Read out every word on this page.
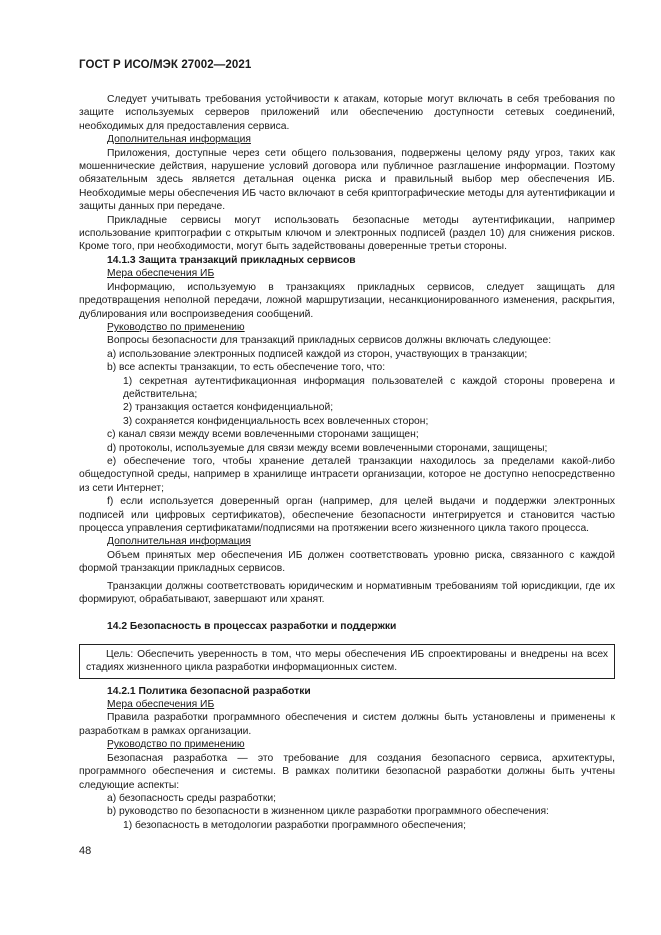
ГОСТ Р ИСО/МЭК 27002—2021

Следует учитывать требования устойчивости к атакам, которые могут включать в себя требования по защите используемых серверов приложений или обеспечению доступности сетевых соединений, необходимых для предоставления сервиса.

Дополнительная информация

Приложения, доступные через сети общего пользования, подвержены целому ряду угроз, таких как мошеннические действия, нарушение условий договора или публичное разглашение информации. Поэтому обязательным здесь является детальная оценка риска и правильный выбор мер обеспечения ИБ. Необходимые меры обеспечения ИБ часто включают в себя криптографические методы для аутентификации и защиты данных при передаче.

Прикладные сервисы могут использовать безопасные методы аутентификации, например использование криптографии с открытым ключом и электронных подписей (раздел 10) для снижения рисков. Кроме того, при необходимости, могут быть задействованы доверенные третьи стороны.

14.1.3 Защита транзакций прикладных сервисов

Мера обеспечения ИБ

Информацию, используемую в транзакциях прикладных сервисов, следует защищать для предотвращения неполной передачи, ложной маршрутизации, несанкционированного изменения, раскрытия, дублирования или воспроизведения сообщений.

Руководство по применению

Вопросы безопасности для транзакций прикладных сервисов должны включать следующее:

a) использование электронных подписей каждой из сторон, участвующих в транзакции;

b) все аспекты транзакции, то есть обеспечение того, что:

1) секретная аутентификационная информация пользователей с каждой стороны проверена и действительна;

2) транзакция остается конфиденциальной;

3) сохраняется конфиденциальность всех вовлеченных сторон;

c) канал связи между всеми вовлеченными сторонами защищен;

d) протоколы, используемые для связи между всеми вовлеченными сторонами, защищены;

e) обеспечение того, чтобы хранение деталей транзакции находилось за пределами какой-либо общедоступной среды, например в хранилище интрасети организации, которое не доступно непосредственно из сети Интернет;

f) если используется доверенный орган (например, для целей выдачи и поддержки электронных подписей или цифровых сертификатов), обеспечение безопасности интегрируется и становится частью процесса управления сертификатами/подписями на протяжении всего жизненного цикла такого процесса.

Дополнительная информация

Объем принятых мер обеспечения ИБ должен соответствовать уровню риска, связанного с каждой формой транзакции прикладных сервисов.

Транзакции должны соответствовать юридическим и нормативным требованиям той юрисдикции, где их формируют, обрабатывают, завершают или хранят.

14.2 Безопасность в процессах разработки и поддержки

Цель: Обеспечить уверенность в том, что меры обеспечения ИБ спроектированы и внедрены на всех стадиях жизненного цикла разработки информационных систем.

14.2.1 Политика безопасной разработки

Мера обеспечения ИБ

Правила разработки программного обеспечения и систем должны быть установлены и применены к разработкам в рамках организации.

Руководство по применению

Безопасная разработка — это требование для создания безопасного сервиса, архитектуры, программного обеспечения и системы. В рамках политики безопасной разработки должны быть учтены следующие аспекты:

a) безопасность среды разработки;

b) руководство по безопасности в жизненном цикле разработки программного обеспечения:

1) безопасность в методологии разработки программного обеспечения;

48
